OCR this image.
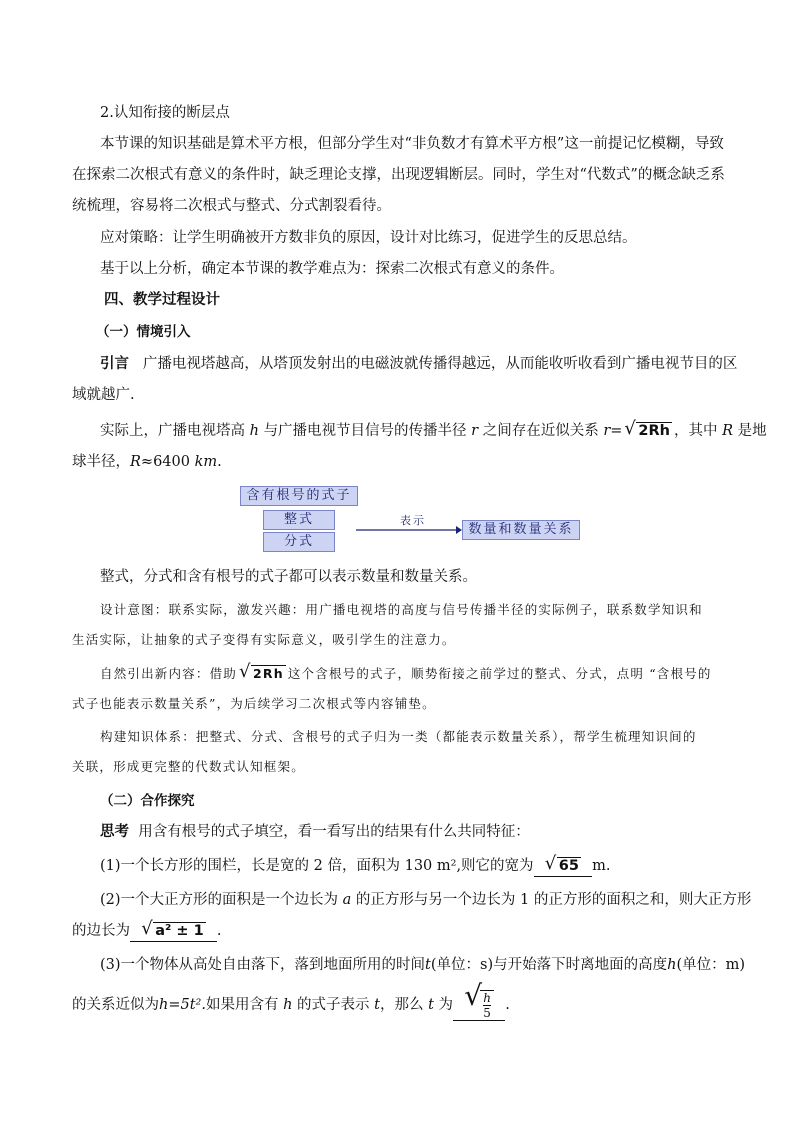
2.认知衔接的断层点
本节课的知识基础是算术平方根，但部分学生对“非负数才有算术平方根”这一前提记忆模糊，导致
在探索二次根式有意义的条件时，缺乏理论支撑，出现逻辑断层。同时，学生对“代数式”的概念缺乏系
统梳理，容易将二次根式与整式、分式割裂看待。
应对策略：让学生明确被开方数非负的原因，设计对比练习，促进学生的反思总结。
基于以上分析，确定本节课的教学难点为：探索二次根式有意义的条件。
四、教学过程设计
（一）情境引入
引言 广播电视塔越高，从塔顶发射出的电磁波就传播得越远，从而能收听收看到广播电视节目的区
域就越广.
实际上，广播电视塔高 h 与广播电视节目信号的传播半径 r 之间存在近似关系 r= √ 2Rh ，其中 R 是地
球半径，R≈6400 km.
含有根号的式子
整式
分式
表示
数量和数量关系
整式，分式和含有根号的式子都可以表示数量和数量关系。
设计意图：联系实际，激发兴趣：用广播电视塔的高度与信号传播半径的实际例子，联系数学知识和
生活实际，让抽象的式子变得有实际意义，吸引学生的注意力。
自然引出新内容：借助 √ 2Rh 这个含根号的式子，顺势衔接之前学过的整式、分式，点明 “含根号的
式子也能表示数量关系”，为后续学习二次根式等内容铺垫。
构建知识体系：把整式、分式、含根号的式子归为一类（都能表示数量关系），帮学生梳理知识间的
关联，形成更完整的代数式认知框架。
（二）合作探究
思考 用含有根号的式子填空，看一看写出的结果有什么共同特征：
(1)一个长方形的围栏，长是宽的 2 倍，面积为 130 m²,则它的宽为 √ 65 m.
(2)一个大正方形的面积是一个边长为 a 的正方形与另一个边长为 1 的正方形的面积之和，则大正方形
的边长为 √ a² ± 1 .
(3)一个物体从高处自由落下，落到地面所用的时间t(单位：s)与开始落下时离地面的高度h(单位：m)
的关系近似为h=5t².如果用含有 h 的式子表示 t，那么 t 为 √
$\frac{h}{5}$ .
